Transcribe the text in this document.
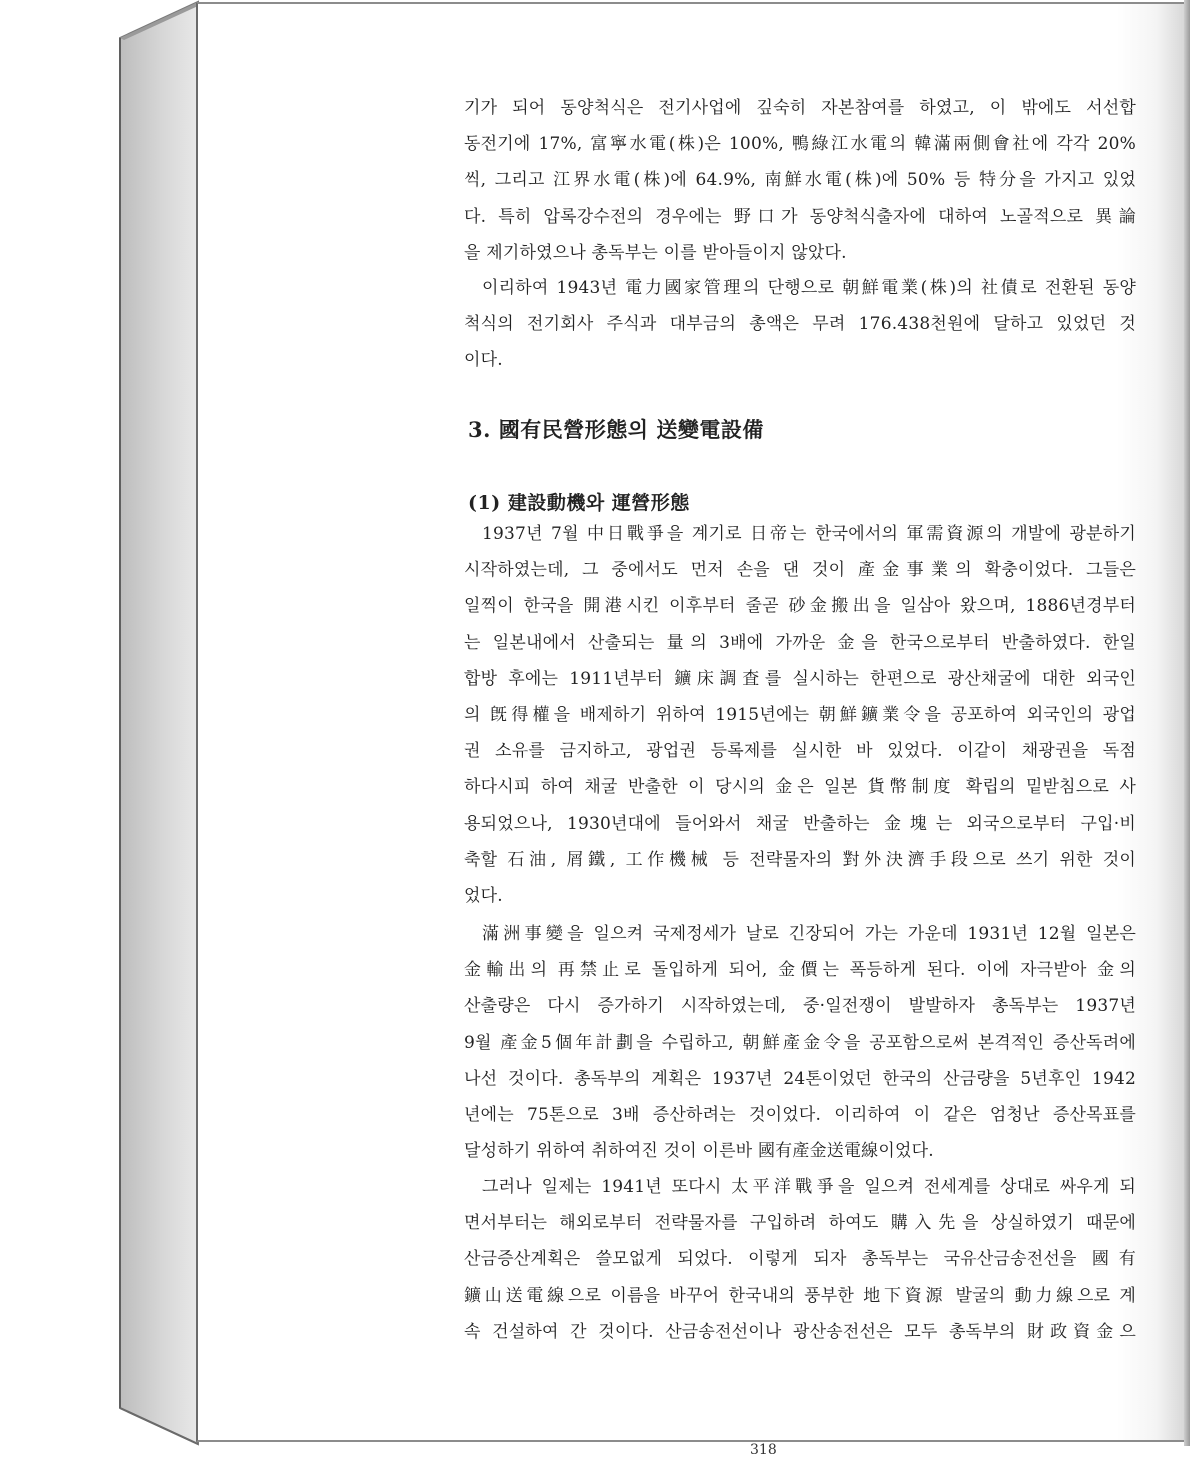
기가 되어 동양척식은 전기사업에 깊숙히 자본참여를 하였고, 이 밖에도 서선합
동전기에 17%, 富寧水電(株)은 100%, 鴨綠江水電의 韓滿兩側會社에 각각 20%
씩, 그리고 江界水電(株)에 64.9%, 南鮮水電(株)에 50% 등 特分을 가지고 있었
다. 특히 압록강수전의 경우에는 野口가 동양척식출자에 대하여 노골적으로 異論
을 제기하였으나 총독부는 이를 받아들이지 않았다.
이리하여 1943년 電力國家管理의 단행으로 朝鮮電業(株)의 社債로 전환된 동양
척식의 전기회사 주식과 대부금의 총액은 무려 176.438천원에 달하고 있었던 것
이다.
3. 國有民營形態의 送變電設備
(1) 建設動機와 運營形態
1937년 7월 中日戰爭을 계기로 日帝는 한국에서의 軍需資源의 개발에 광분하기
시작하였는데, 그 중에서도 먼저 손을 댄 것이 產金事業의 확충이었다. 그들은
일찍이 한국을 開港시킨 이후부터 줄곧 砂金搬出을 일삼아 왔으며, 1886년경부터
는 일본내에서 산출되는 量의 3배에 가까운 金을 한국으로부터 반출하였다. 한일
합방 후에는 1911년부터 鑛床調査를 실시하는 한편으로 광산채굴에 대한 외국인
의 旣得權을 배제하기 위하여 1915년에는 朝鮮鑛業令을 공포하여 외국인의 광업
권 소유를 금지하고, 광업권 등록제를 실시한 바 있었다. 이같이 채광권을 독점
하다시피 하여 채굴 반출한 이 당시의 金은 일본 貨幣制度 확립의 밑받침으로 사
용되었으나, 1930년대에 들어와서 채굴 반출하는 金塊는 외국으로부터 구입·비
축할 石油, 屑鐵, 工作機械 등 전략물자의 對外決濟手段으로 쓰기 위한 것이
었다.
滿洲事變을 일으켜 국제정세가 날로 긴장되어 가는 가운데 1931년 12월 일본은
金輸出의 再禁止로 돌입하게 되어, 金價는 폭등하게 된다. 이에 자극받아 金의
산출량은 다시 증가하기 시작하였는데, 중·일전쟁이 발발하자 총독부는 1937년
9월 產金5個年計劃을 수립하고, 朝鮮產金令을 공포함으로써 본격적인 증산독려에
나선 것이다. 총독부의 계획은 1937년 24톤이었던 한국의 산금량을 5년후인 1942
년에는 75톤으로 3배 증산하려는 것이었다. 이리하여 이 같은 엄청난 증산목표를
달성하기 위하여 취하여진 것이 이른바 國有產金送電線이었다.
그러나 일제는 1941년 또다시 太平洋戰爭을 일으켜 전세계를 상대로 싸우게 되
면서부터는 해외로부터 전략물자를 구입하려 하여도 購入先을 상실하였기 때문에
산금증산계획은 쓸모없게 되었다. 이렇게 되자 총독부는 국유산금송전선을 國有
鑛山送電線으로 이름을 바꾸어 한국내의 풍부한 地下資源 발굴의 動力線으로 계
속 건설하여 간 것이다. 산금송전선이나 광산송전선은 모두 총독부의 財政資金으
318
